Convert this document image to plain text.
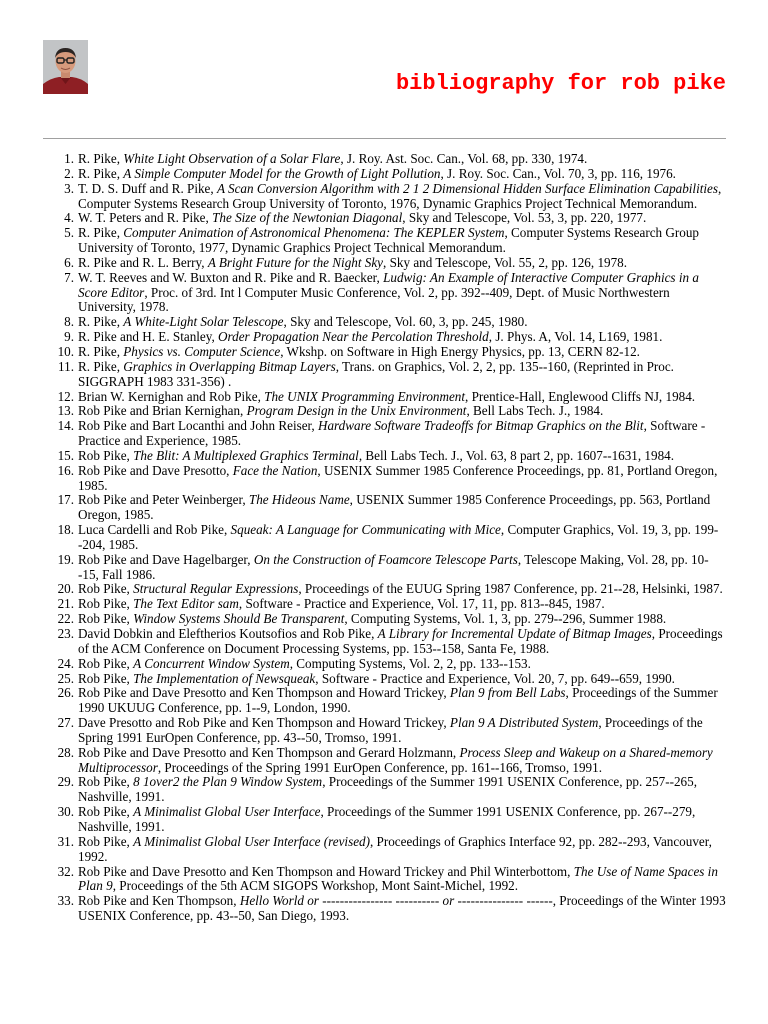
bibliography for rob pike
1. R. Pike, White Light Observation of a Solar Flare, J. Roy. Ast. Soc. Can., Vol. 68, pp. 330, 1974.
2. R. Pike, A Simple Computer Model for the Growth of Light Pollution, J. Roy. Soc. Can., Vol. 70, 3, pp. 116, 1976.
3. T. D. S. Duff and R. Pike, A Scan Conversion Algorithm with 2 1 2 Dimensional Hidden Surface Elimination Capabilities, Computer Systems Research Group University of Toronto, 1976, Dynamic Graphics Project Technical Memorandum.
4. W. T. Peters and R. Pike, The Size of the Newtonian Diagonal, Sky and Telescope, Vol. 53, 3, pp. 220, 1977.
5. R. Pike, Computer Animation of Astronomical Phenomena: The KEPLER System, Computer Systems Research Group University of Toronto, 1977, Dynamic Graphics Project Technical Memorandum.
6. R. Pike and R. L. Berry, A Bright Future for the Night Sky, Sky and Telescope, Vol. 55, 2, pp. 126, 1978.
7. W. T. Reeves and W. Buxton and R. Pike and R. Baecker, Ludwig: An Example of Interactive Computer Graphics in a Score Editor, Proc. of 3rd. Int l Computer Music Conference, Vol. 2, pp. 392--409, Dept. of Music Northwestern University, 1978.
8. R. Pike, A White-Light Solar Telescope, Sky and Telescope, Vol. 60, 3, pp. 245, 1980.
9. R. Pike and H. E. Stanley, Order Propagation Near the Percolation Threshold, J. Phys. A, Vol. 14, L169, 1981.
10. R. Pike, Physics vs. Computer Science, Wkshp. on Software in High Energy Physics, pp. 13, CERN 82-12.
11. R. Pike, Graphics in Overlapping Bitmap Layers, Trans. on Graphics, Vol. 2, 2, pp. 135--160, (Reprinted in Proc. SIGGRAPH 1983 331-356) .
12. Brian W. Kernighan and Rob Pike, The UNIX Programming Environment, Prentice-Hall, Englewood Cliffs NJ, 1984.
13. Rob Pike and Brian Kernighan, Program Design in the Unix Environment, Bell Labs Tech. J., 1984.
14. Rob Pike and Bart Locanthi and John Reiser, Hardware Software Tradeoffs for Bitmap Graphics on the Blit, Software - Practice and Experience, 1985.
15. Rob Pike, The Blit: A Multiplexed Graphics Terminal, Bell Labs Tech. J., Vol. 63, 8 part 2, pp. 1607--1631, 1984.
16. Rob Pike and Dave Presotto, Face the Nation, USENIX Summer 1985 Conference Proceedings, pp. 81, Portland Oregon, 1985.
17. Rob Pike and Peter Weinberger, The Hideous Name, USENIX Summer 1985 Conference Proceedings, pp. 563, Portland Oregon, 1985.
18. Luca Cardelli and Rob Pike, Squeak: A Language for Communicating with Mice, Computer Graphics, Vol. 19, 3, pp. 199--204, 1985.
19. Rob Pike and Dave Hagelbarger, On the Construction of Foamcore Telescope Parts, Telescope Making, Vol. 28, pp. 10--15, Fall 1986.
20. Rob Pike, Structural Regular Expressions, Proceedings of the EUUG Spring 1987 Conference, pp. 21--28, Helsinki, 1987.
21. Rob Pike, The Text Editor sam, Software - Practice and Experience, Vol. 17, 11, pp. 813--845, 1987.
22. Rob Pike, Window Systems Should Be Transparent, Computing Systems, Vol. 1, 3, pp. 279--296, Summer 1988.
23. David Dobkin and Eleftherios Koutsofios and Rob Pike, A Library for Incremental Update of Bitmap Images, Proceedings of the ACM Conference on Document Processing Systems, pp. 153--158, Santa Fe, 1988.
24. Rob Pike, A Concurrent Window System, Computing Systems, Vol. 2, 2, pp. 133--153.
25. Rob Pike, The Implementation of Newsqueak, Software - Practice and Experience, Vol. 20, 7, pp. 649--659, 1990.
26. Rob Pike and Dave Presotto and Ken Thompson and Howard Trickey, Plan 9 from Bell Labs, Proceedings of the Summer 1990 UKUUG Conference, pp. 1--9, London, 1990.
27. Dave Presotto and Rob Pike and Ken Thompson and Howard Trickey, Plan 9 A Distributed System, Proceedings of the Spring 1991 EurOpen Conference, pp. 43--50, Tromso, 1991.
28. Rob Pike and Dave Presotto and Ken Thompson and Gerard Holzmann, Process Sleep and Wakeup on a Shared-memory Multiprocessor, Proceedings of the Spring 1991 EurOpen Conference, pp. 161--166, Tromso, 1991.
29. Rob Pike, 8 1over2 the Plan 9 Window System, Proceedings of the Summer 1991 USENIX Conference, pp. 257--265, Nashville, 1991.
30. Rob Pike, A Minimalist Global User Interface, Proceedings of the Summer 1991 USENIX Conference, pp. 267--279, Nashville, 1991.
31. Rob Pike, A Minimalist Global User Interface (revised), Proceedings of Graphics Interface 92, pp. 282--293, Vancouver, 1992.
32. Rob Pike and Dave Presotto and Ken Thompson and Howard Trickey and Phil Winterbottom, The Use of Name Spaces in Plan 9, Proceedings of the 5th ACM SIGOPS Workshop, Mont Saint-Michel, 1992.
33. Rob Pike and Ken Thompson, Hello World or ---------------- ---------- or --------------- ------, Proceedings of the Winter 1993 USENIX Conference, pp. 43--50, San Diego, 1993.
